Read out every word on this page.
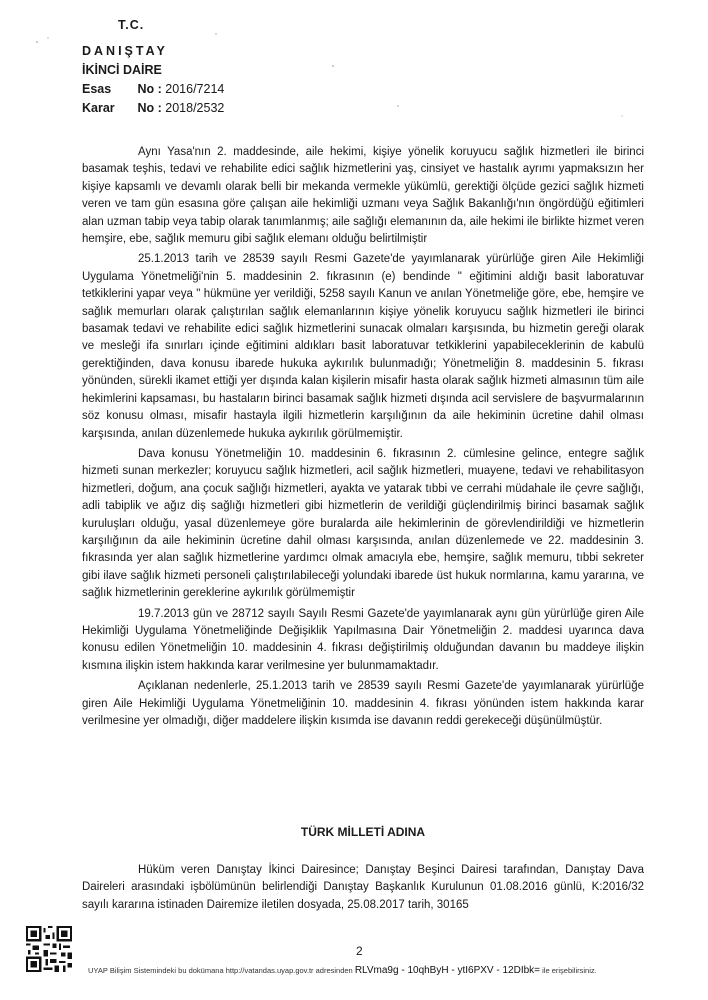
T.C.
DANIŞTAY
İKİNCİ DAİRE
Esas No : 2016/7214
Karar No : 2018/2532

Aynı Yasa'nın 2. maddesinde, aile hekimi, kişiye yönelik koruyucu sağlık hizmetleri ile birinci basamak teşhis, tedavi ve rehabilite edici sağlık hizmetlerini yaş, cinsiyet ve hastalık ayrımı yapmaksızın her kişiye kapsamlı ve devamlı olarak belli bir mekanda vermekle yükümlü, gerektiği ölçüde gezici sağlık hizmeti veren ve tam gün esasına göre çalışan aile hekimliği uzmanı veya Sağlık Bakanlığı'nın öngördüğü eğitimleri alan uzman tabip veya tabip olarak tanımlanmış; aile sağlığı elemanının da, aile hekimi ile birlikte hizmet veren hemşire, ebe, sağlık memuru gibi sağlık elemanı olduğu belirtilmiştir

25.1.2013 tarih ve 28539 sayılı Resmi Gazete'de yayımlanarak yürürlüğe giren Aile Hekimliği Uygulama Yönetmeliği'nin 5. maddesinin 2. fıkrasının (e) bendinde " eğitimini aldığı basit laboratuvar tetkiklerini yapar veya " hükmüne yer verildiği, 5258 sayılı Kanun ve anılan Yönetmeliğe göre, ebe, hemşire ve sağlık memurları olarak çalıştırılan sağlık elemanlarının kişiye yönelik koruyucu sağlık hizmetleri ile birinci basamak tedavi ve rehabilite edici sağlık hizmetlerini sunacak olmaları karşısında, bu hizmetin gereği olarak ve mesleği ifa sınırları içinde eğitimini aldıkları basit laboratuvar tetkiklerini yapabileceklerinin de kabulü gerektiğinden, dava konusu ibarede hukuka aykırılık bulunmadığı; Yönetmeliğin 8. maddesinin 5. fıkrası yönünden, sürekli ikamet ettiği yer dışında kalan kişilerin misafir hasta olarak sağlık hizmeti almasının tüm aile hekimlerini kapsaması, bu hastaların birinci basamak sağlık hizmeti dışında acil servislere de başvurmalarının söz konusu olması, misafir hastayla ilgili hizmetlerin karşılığının da aile hekiminin ücretine dahil olması karşısında, anılan düzenlemede hukuka aykırılık görülmemiştir.

Dava konusu Yönetmeliğin 10. maddesinin 6. fıkrasının 2. cümlesine gelince, entegre sağlık hizmeti sunan merkezler; koruyucu sağlık hizmetleri, acil sağlık hizmetleri, muayene, tedavi ve rehabilitasyon hizmetleri, doğum, ana çocuk sağlığı hizmetleri, ayakta ve yatarak tıbbi ve cerrahi müdahale ile çevre sağlığı, adli tabiplik ve ağız diş sağlığı hizmetleri gibi hizmetlerin de verildiği güçlendirilmiş birinci basamak sağlık kuruluşları olduğu, yasal düzenlemeye göre buralarda aile hekimlerinin de görevlendirildiği ve hizmetlerin karşılığının da aile hekiminin ücretine dahil olması karşısında, anılan düzenlemede ve 22. maddesinin 3. fıkrasında yer alan sağlık hizmetlerine yardımcı olmak amacıyla ebe, hemşire, sağlık memuru, tıbbi sekreter gibi ilave sağlık hizmeti personeli çalıştırılabileceği yolundaki ibarede üst hukuk normlarına, kamu yararına, ve sağlık hizmetlerinin gereklerine aykırılık görülmemiştir

19.7.2013 gün ve 28712 sayılı Sayılı Resmi Gazete'de yayımlanarak aynı gün yürürlüğe giren Aile Hekimliği Uygulama Yönetmeliğinde Değişiklik Yapılmasına Dair Yönetmeliğin 2. maddesi uyarınca dava konusu edilen Yönetmeliğin 10. maddesinin 4. fıkrası değiştirilmiş olduğundan davanın bu maddeye ilişkin kısmına ilişkin istem hakkında karar verilmesine yer bulunmamaktadır.

Açıklanan nedenlerle, 25.1.2013 tarih ve 28539 sayılı Resmi Gazete'de yayımlanarak yürürlüğe giren Aile Hekimliği Uygulama Yönetmeliğinin 10. maddesinin 4. fıkrası yönünden istem hakkında karar verilmesine yer olmadığı, diğer maddelere ilişkin kısımda ise davanın reddi gerekeceği düşünülmüştür.

TÜRK MİLLETİ ADINA

Hüküm veren Danıştay İkinci Dairesince; Danıştay Beşinci Dairesi tarafından, Danıştay Dava Daireleri arasındaki işbölümünün belirlendiği Danıştay Başkanlık Kurulunun 01.08.2016 günlü, K:2016/32 sayılı kararına istinaden Dairemize iletilen dosyada, 25.08.2017 tarih, 30165

2
UYAP Bilişim Sistemindeki bu dokümana http://vatandas.uyap.gov.tr adresinden RLVma9g - 10qhByH - ytI6PXV - 12DIbk= ile erişebilirsiniz.
